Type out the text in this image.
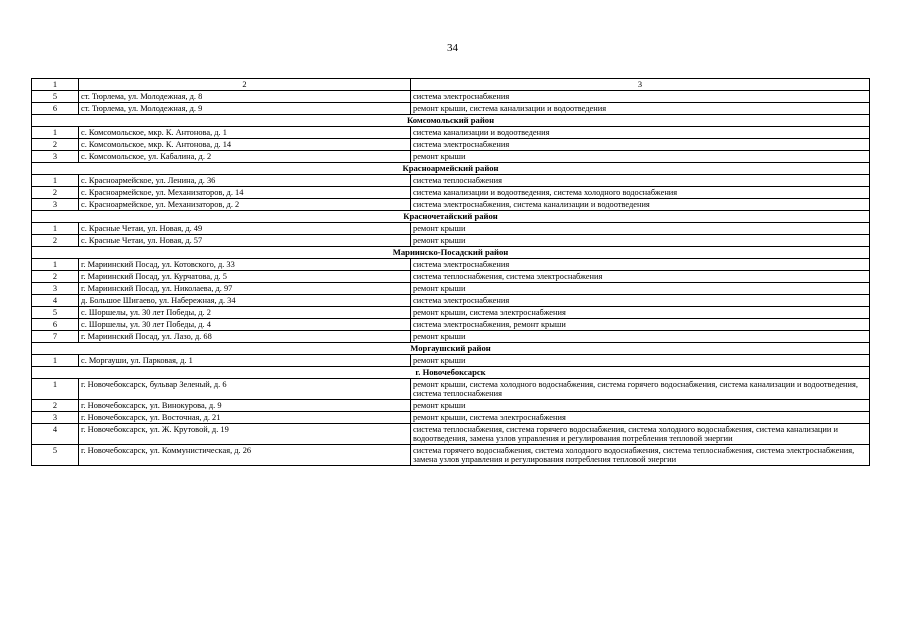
34
1	2	3
5	ст. Тюрлема, ул. Молодежная, д. 8	система электроснабжения
6	ст. Тюрлема, ул. Молодежная, д. 9	ремонт крыши, система канализации и водоотведения
Комсомольский район		
1	с. Комсомольское, мкр. К. Антонова, д. 1	система канализации и водоотведения
2	с. Комсомольское, мкр. К. Антонова, д. 14	система электроснабжения
3	с. Комсомольское, ул. Кабалина, д. 2	ремонт крыши
Красноармейский район		
1	с. Красноармейское, ул. Ленина, д. 36	система теплоснабжения
2	с. Красноармейское, ул. Механизаторов, д. 14	система канализации и водоотведения, система холодного водоснабжения
3	с. Красноармейское, ул. Механизаторов, д. 2	система электроснабжения, система канализации и водоотведения
Красночетайский район		
1	с. Красные Четаи, ул. Новая, д. 49	ремонт крыши
2	с. Красные Четаи, ул. Новая, д. 57	ремонт крыши
Мариинско-Посадский район		
1	г. Мариинский Посад, ул. Котовского, д. 33	система электроснабжения
2	г. Мариинский Посад, ул. Курчатова, д. 5	система теплоснабжения, система электроснабжения
3	г. Мариинский Посад, ул. Николаева, д. 97	ремонт крыши
4	д. Большое Шигаево, ул. Набережная, д. 34	система электроснабжения
5	с. Шоршелы, ул. 30 лет Победы, д. 2	ремонт крыши, система электроснабжения
6	с. Шоршелы, ул. 30 лет Победы, д. 4	система электроснабжения, ремонт крыши
7	г. Мариинский Посад, ул. Лазо, д. 68	ремонт крыши
Моргаушский район		
1	с. Моргауши, ул. Парковая, д. 1	ремонт крыши
г. Новочебоксарск		
1	г. Новочебоксарск, бульвар Зеленый, д. 6	ремонт крыши, система холодного водоснабжения, система горячего водоснабжения, система канализации и водоотведения, система теплоснабжения
2	г. Новочебоксарск, ул. Винокурова, д. 9	ремонт крыши
3	г. Новочебоксарск, ул. Восточная, д. 21	ремонт крыши, система электроснабжения
4	г. Новочебоксарск, ул. Ж. Крутовой, д. 19	система теплоснабжения, система горячего водоснабжения, система холодного водоснабжения, система канализации и водоотведения, замена узлов управления и регулирования потребления тепловой энергии
5	г. Новочебоксарск, ул. Коммунистическая, д. 26	система горячего водоснабжения, система холодного водоснабжения, система теплоснабжения, система электроснабжения, замена узлов управления и регулирования потребления тепловой энергии
